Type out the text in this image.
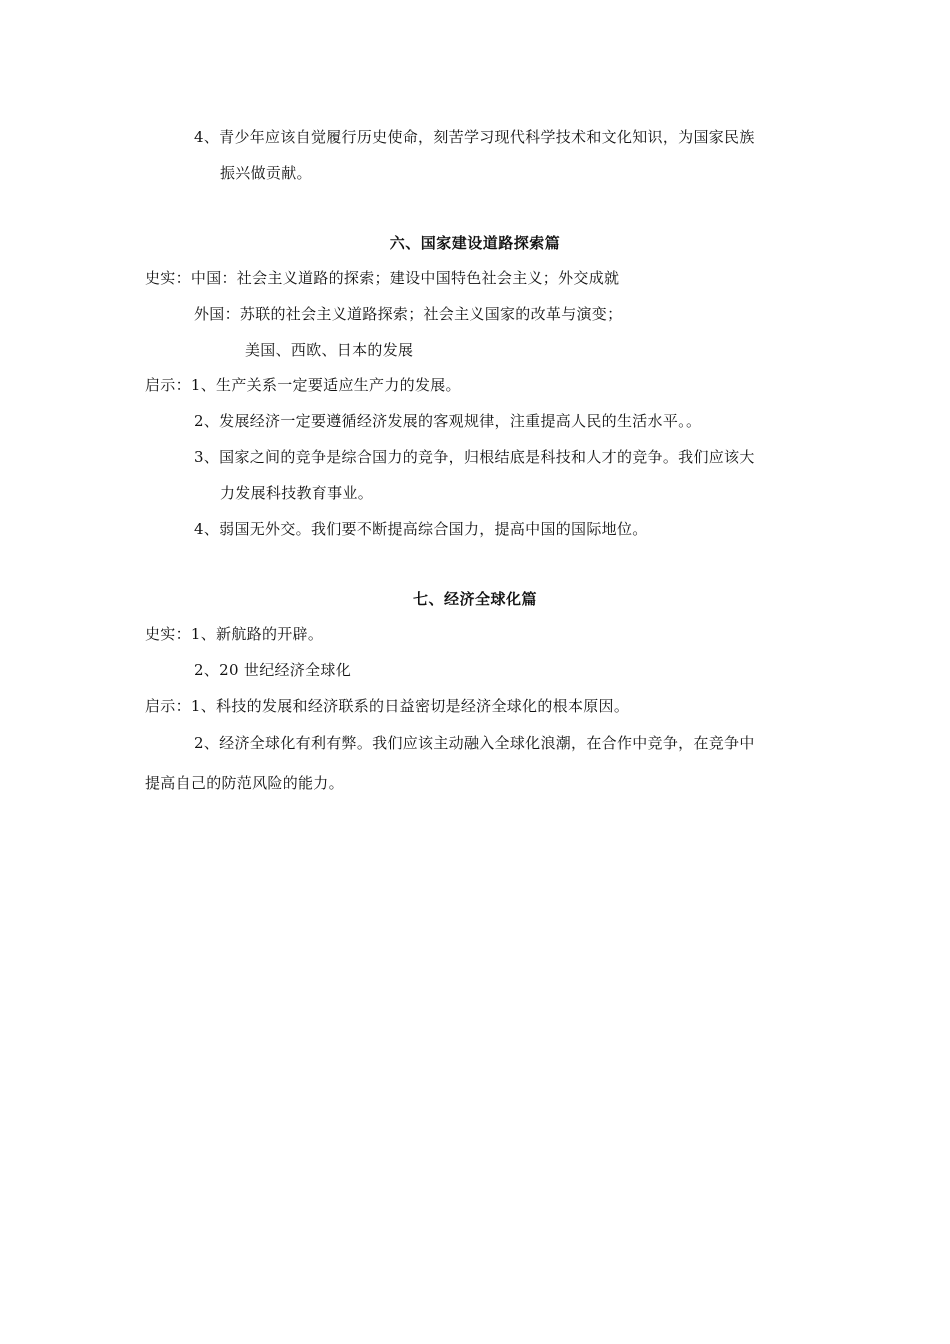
4、青少年应该自觉履行历史使命，刻苦学习现代科学技术和文化知识，为国家民族
振兴做贡献。
六、国家建设道路探索篇
史实：中国：社会主义道路的探索；建设中国特色社会主义；外交成就
外国：苏联的社会主义道路探索；社会主义国家的改革与演变；
美国、西欧、日本的发展
启示：1、生产关系一定要适应生产力的发展。
2、发展经济一定要遵循经济发展的客观规律，注重提高人民的生活水平。。
3、国家之间的竞争是综合国力的竞争，归根结底是科技和人才的竞争。我们应该大
力发展科技教育事业。
4、弱国无外交。我们要不断提高综合国力，提高中国的国际地位。
七、经济全球化篇
史实：1、新航路的开辟。
2、20 世纪经济全球化
启示：1、科技的发展和经济联系的日益密切是经济全球化的根本原因。
2、经济全球化有利有弊。我们应该主动融入全球化浪潮，在合作中竞争，在竞争中
提高自己的防范风险的能力。
